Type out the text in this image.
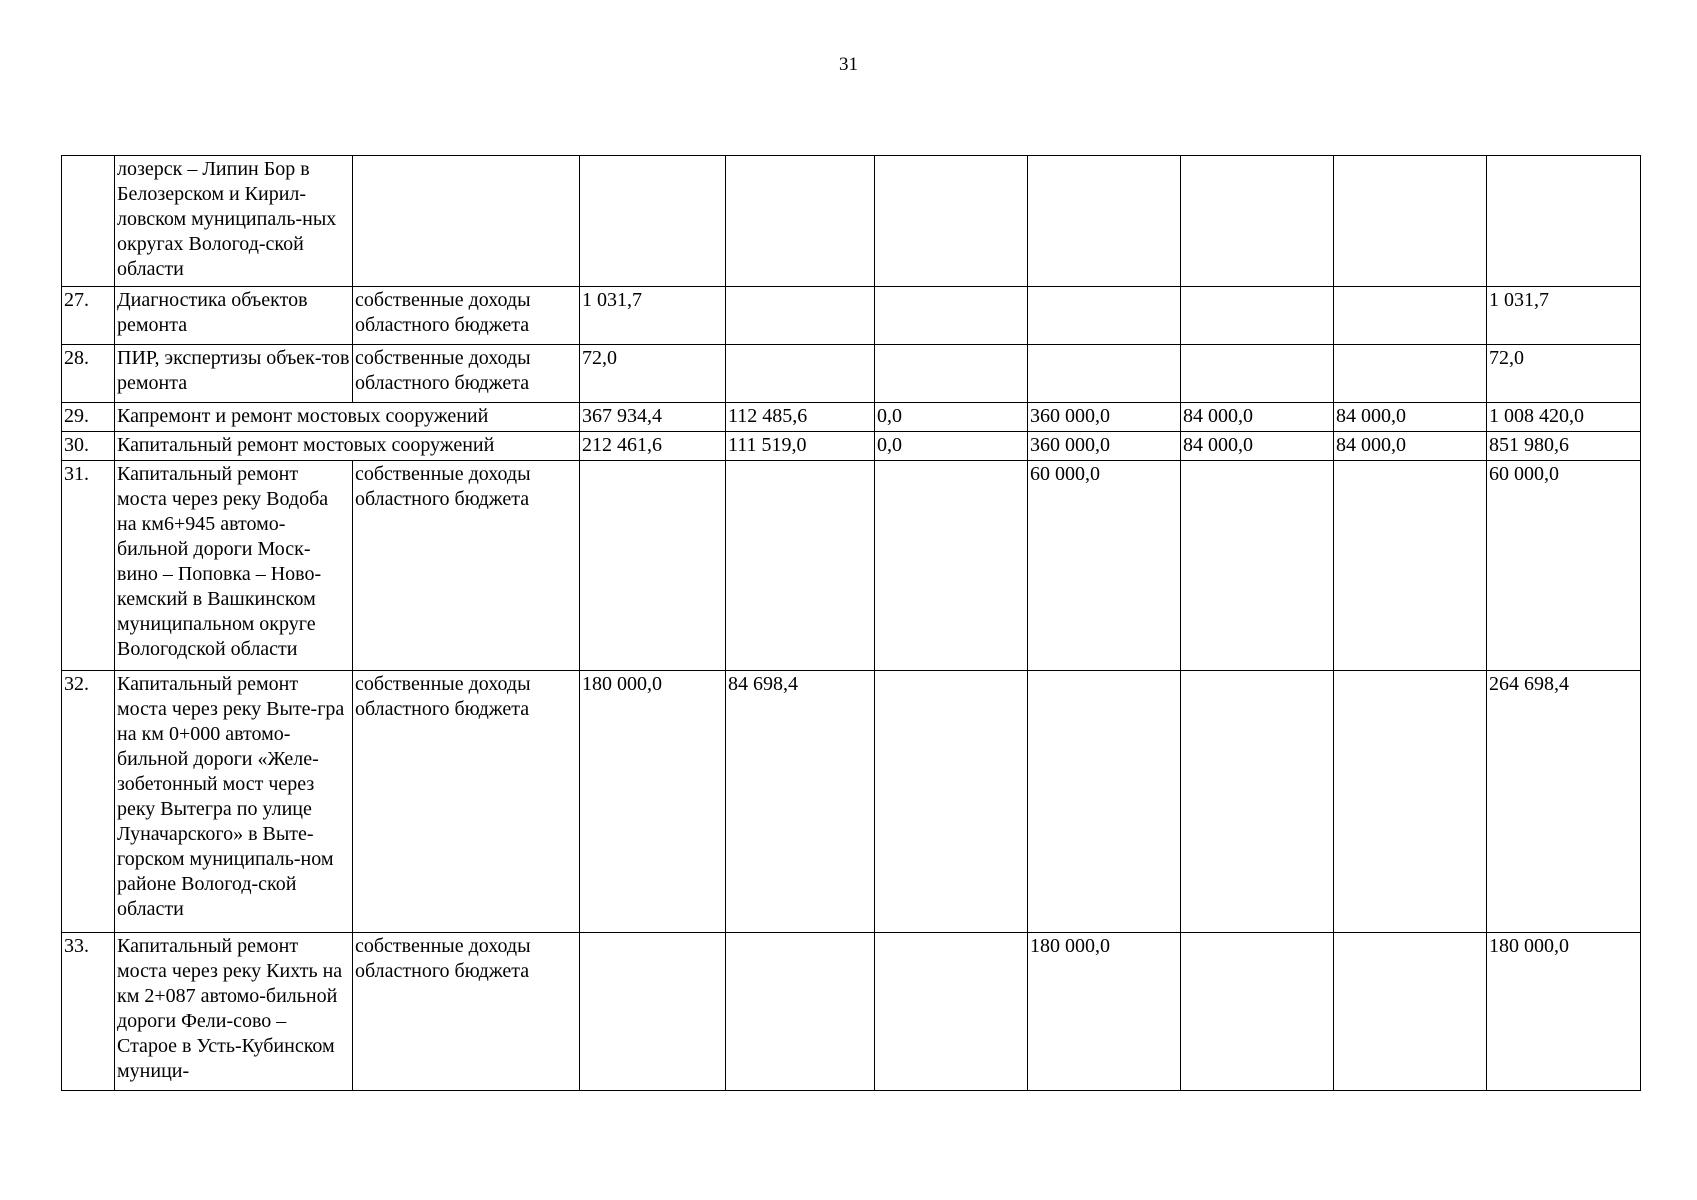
31
	лозерск – Липин Бор в Белозерском и Кирил-ловском муниципаль-ных округах Вологод-ской области								
27.	Диагностика объектов ремонта	собственные доходы областного бюджета	1 031,7						1 031,7
28.	ПИР, экспертизы объек-тов ремонта	собственные доходы областного бюджета	72,0						72,0
29.	Капремонт и ремонт мостовых сооружений		367 934,4	112 485,6	0,0	360 000,0	84 000,0	84 000,0	1 008 420,0
30.	Капитальный ремонт мостовых сооружений		212 461,6	111 519,0	0,0	360 000,0	84 000,0	84 000,0	851 980,6
31.	Капитальный ремонт моста через реку Водоба на км6+945 автомо-бильной дороги Моск-вино – Поповка – Ново-кемский в Вашкинском муниципальном округе Вологодской области	собственные доходы областного бюджета				60 000,0			60 000,0
32.	Капитальный ремонт моста через реку Выте-гра на км 0+000 автомо-бильной дороги «Желе-зобетонный мост через реку Вытегра по улице Луначарского» в Выте-горском муниципаль-ном районе Вологод-ской области	собственные доходы областного бюджета	180 000,0	84 698,4					264 698,4
33.	Капитальный ремонт моста через реку Кихть на км 2+087 автомо-бильной дороги Фели-сово – Старое в Усть-Кубинском муници-	собственные доходы областного бюджета				180 000,0			180 000,0
